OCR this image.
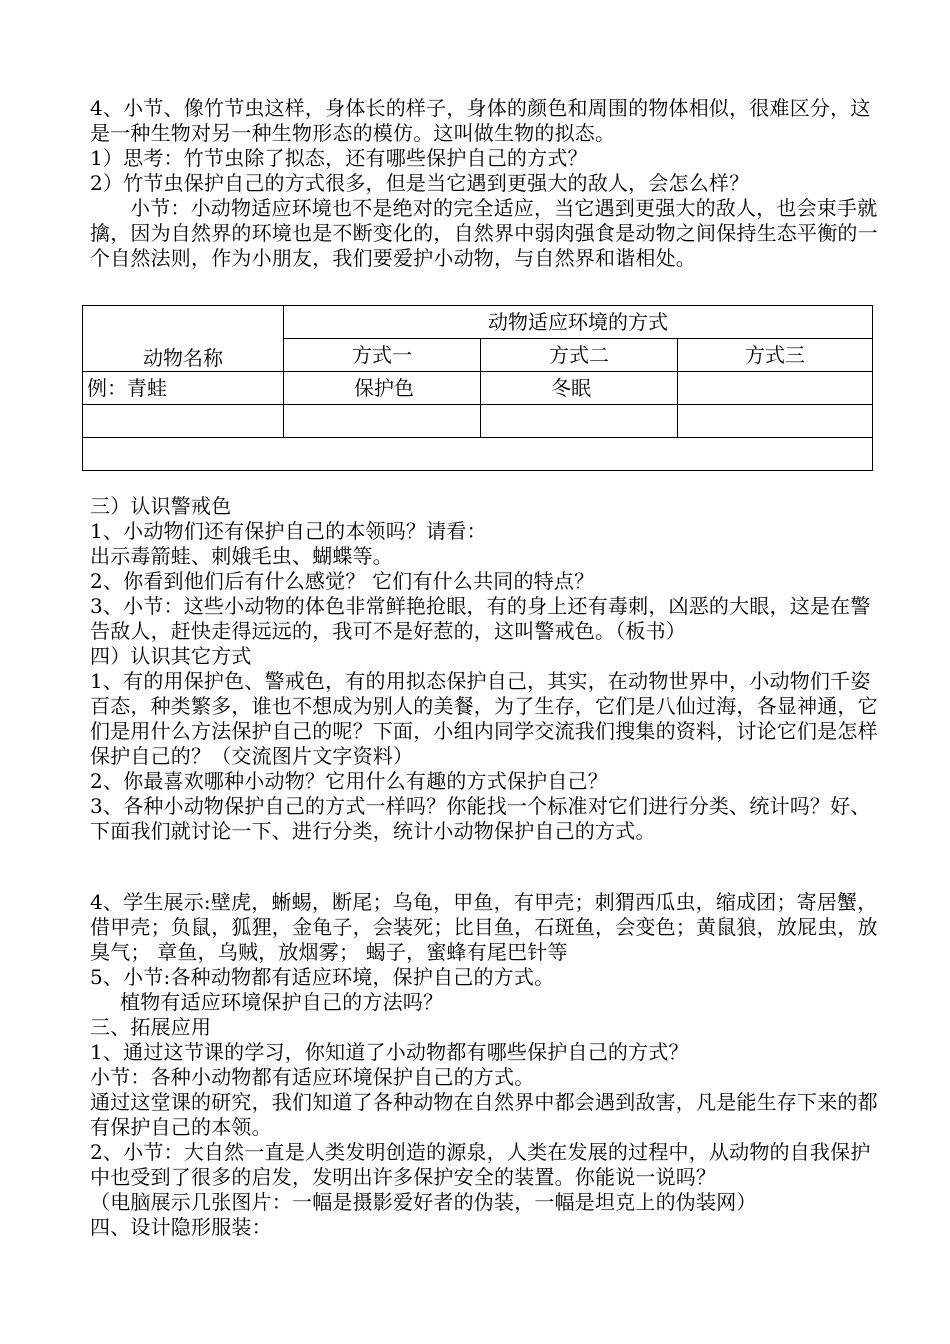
4、小节、像竹节虫这样，身体长的样子，身体的颜色和周围的物体相似，很难区分，这是一种生物对另一种生物形态的模仿。这叫做生物的拟态。

1）思考：竹节虫除了拟态，还有哪些保护自己的方式？

2）竹节虫保护自己的方式很多，但是当它遇到更强大的敌人，会怎么样？

小节：小动物适应环境也不是绝对的完全适应，当它遇到更强大的敌人，也会束手就擒，因为自然界的环境也是不断变化的，自然界中弱肉强食是动物之间保持生态平衡的一个自然法则，作为小朋友，我们要爱护小动物，与自然界和谐相处。

动物名称	动物适应环境的方式		
	方式一	方式二	方式三
例：青蛙	保护色	冬眠	

三）认识警戒色

1、小动物们还有保护自己的本领吗？请看：

出示毒箭蛙、刺娥毛虫、蝴蝶等。

2、你看到他们后有什么感觉？ 它们有什么共同的特点？

3、小节：这些小动物的体色非常鲜艳抢眼，有的身上还有毒刺，凶恶的大眼，这是在警告敌人，赶快走得远远的，我可不是好惹的，这叫警戒色。（板书）

四）认识其它方式

1、有的用保护色、警戒色，有的用拟态保护自己，其实，在动物世界中，小动物们千姿百态，种类繁多，谁也不想成为别人的美餐，为了生存，它们是八仙过海，各显神通，它们是用什么方法保护自己的呢？下面，小组内同学交流我们搜集的资料，讨论它们是怎样保护自己的？（交流图片文字资料）

2、你最喜欢哪种小动物？它用什么有趣的方式保护自己？

3、各种小动物保护自己的方式一样吗？你能找一个标准对它们进行分类、统计吗？好、下面我们就讨论一下、进行分类，统计小动物保护自己的方式。

4、学生展示:壁虎，蜥蜴，断尾；乌龟，甲鱼，有甲壳；刺猬西瓜虫，缩成团；寄居蟹，借甲壳；负鼠，狐狸，金龟子，会装死；比目鱼，石斑鱼，会变色；黄鼠狼，放屁虫，放臭气； 章鱼，乌贼，放烟雾； 蝎子，蜜蜂有尾巴针等

5、小节:各种动物都有适应环境，保护自己的方式。

植物有适应环境保护自己的方法吗？

三、拓展应用

1、通过这节课的学习，你知道了小动物都有哪些保护自己的方式？

小节：各种小动物都有适应环境保护自己的方式。

通过这堂课的研究，我们知道了各种动物在自然界中都会遇到敌害，凡是能生存下来的都有保护自己的本领。

2、小节：大自然一直是人类发明创造的源泉，人类在发展的过程中，从动物的自我保护中也受到了很多的启发，发明出许多保护安全的装置。你能说一说吗？

（电脑展示几张图片：一幅是摄影爱好者的伪装，一幅是坦克上的伪装网）

四、设计隐形服装：
